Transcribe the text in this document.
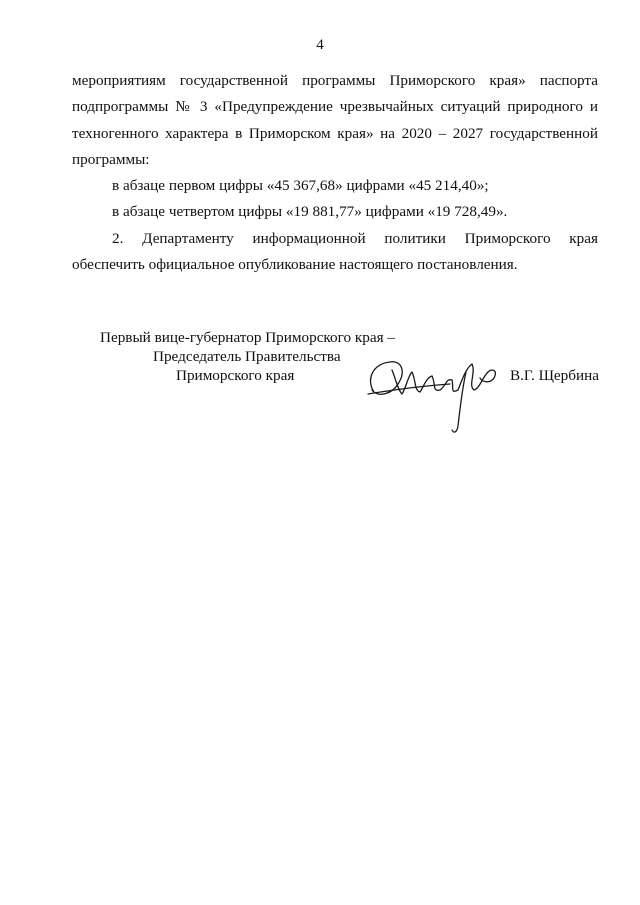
4
мероприятиям государственной программы Приморского края» паспорта
подпрограммы № 3 «Предупреждение чрезвычайных ситуаций природного и
техногенного характера в Приморском края» на 2020 – 2027 государственной
программы:
в абзаце первом цифры «45 367,68» цифрами «45 214,40»;
в абзаце четвертом цифры «19 881,77» цифрами «19 728,49».
2. Департаменту информационной политики Приморского края
обеспечить официальное опубликование настоящего постановления.
Первый вице-губернатор Приморского края –
Председатель Правительства
Приморского края	В.Г. Щербина
